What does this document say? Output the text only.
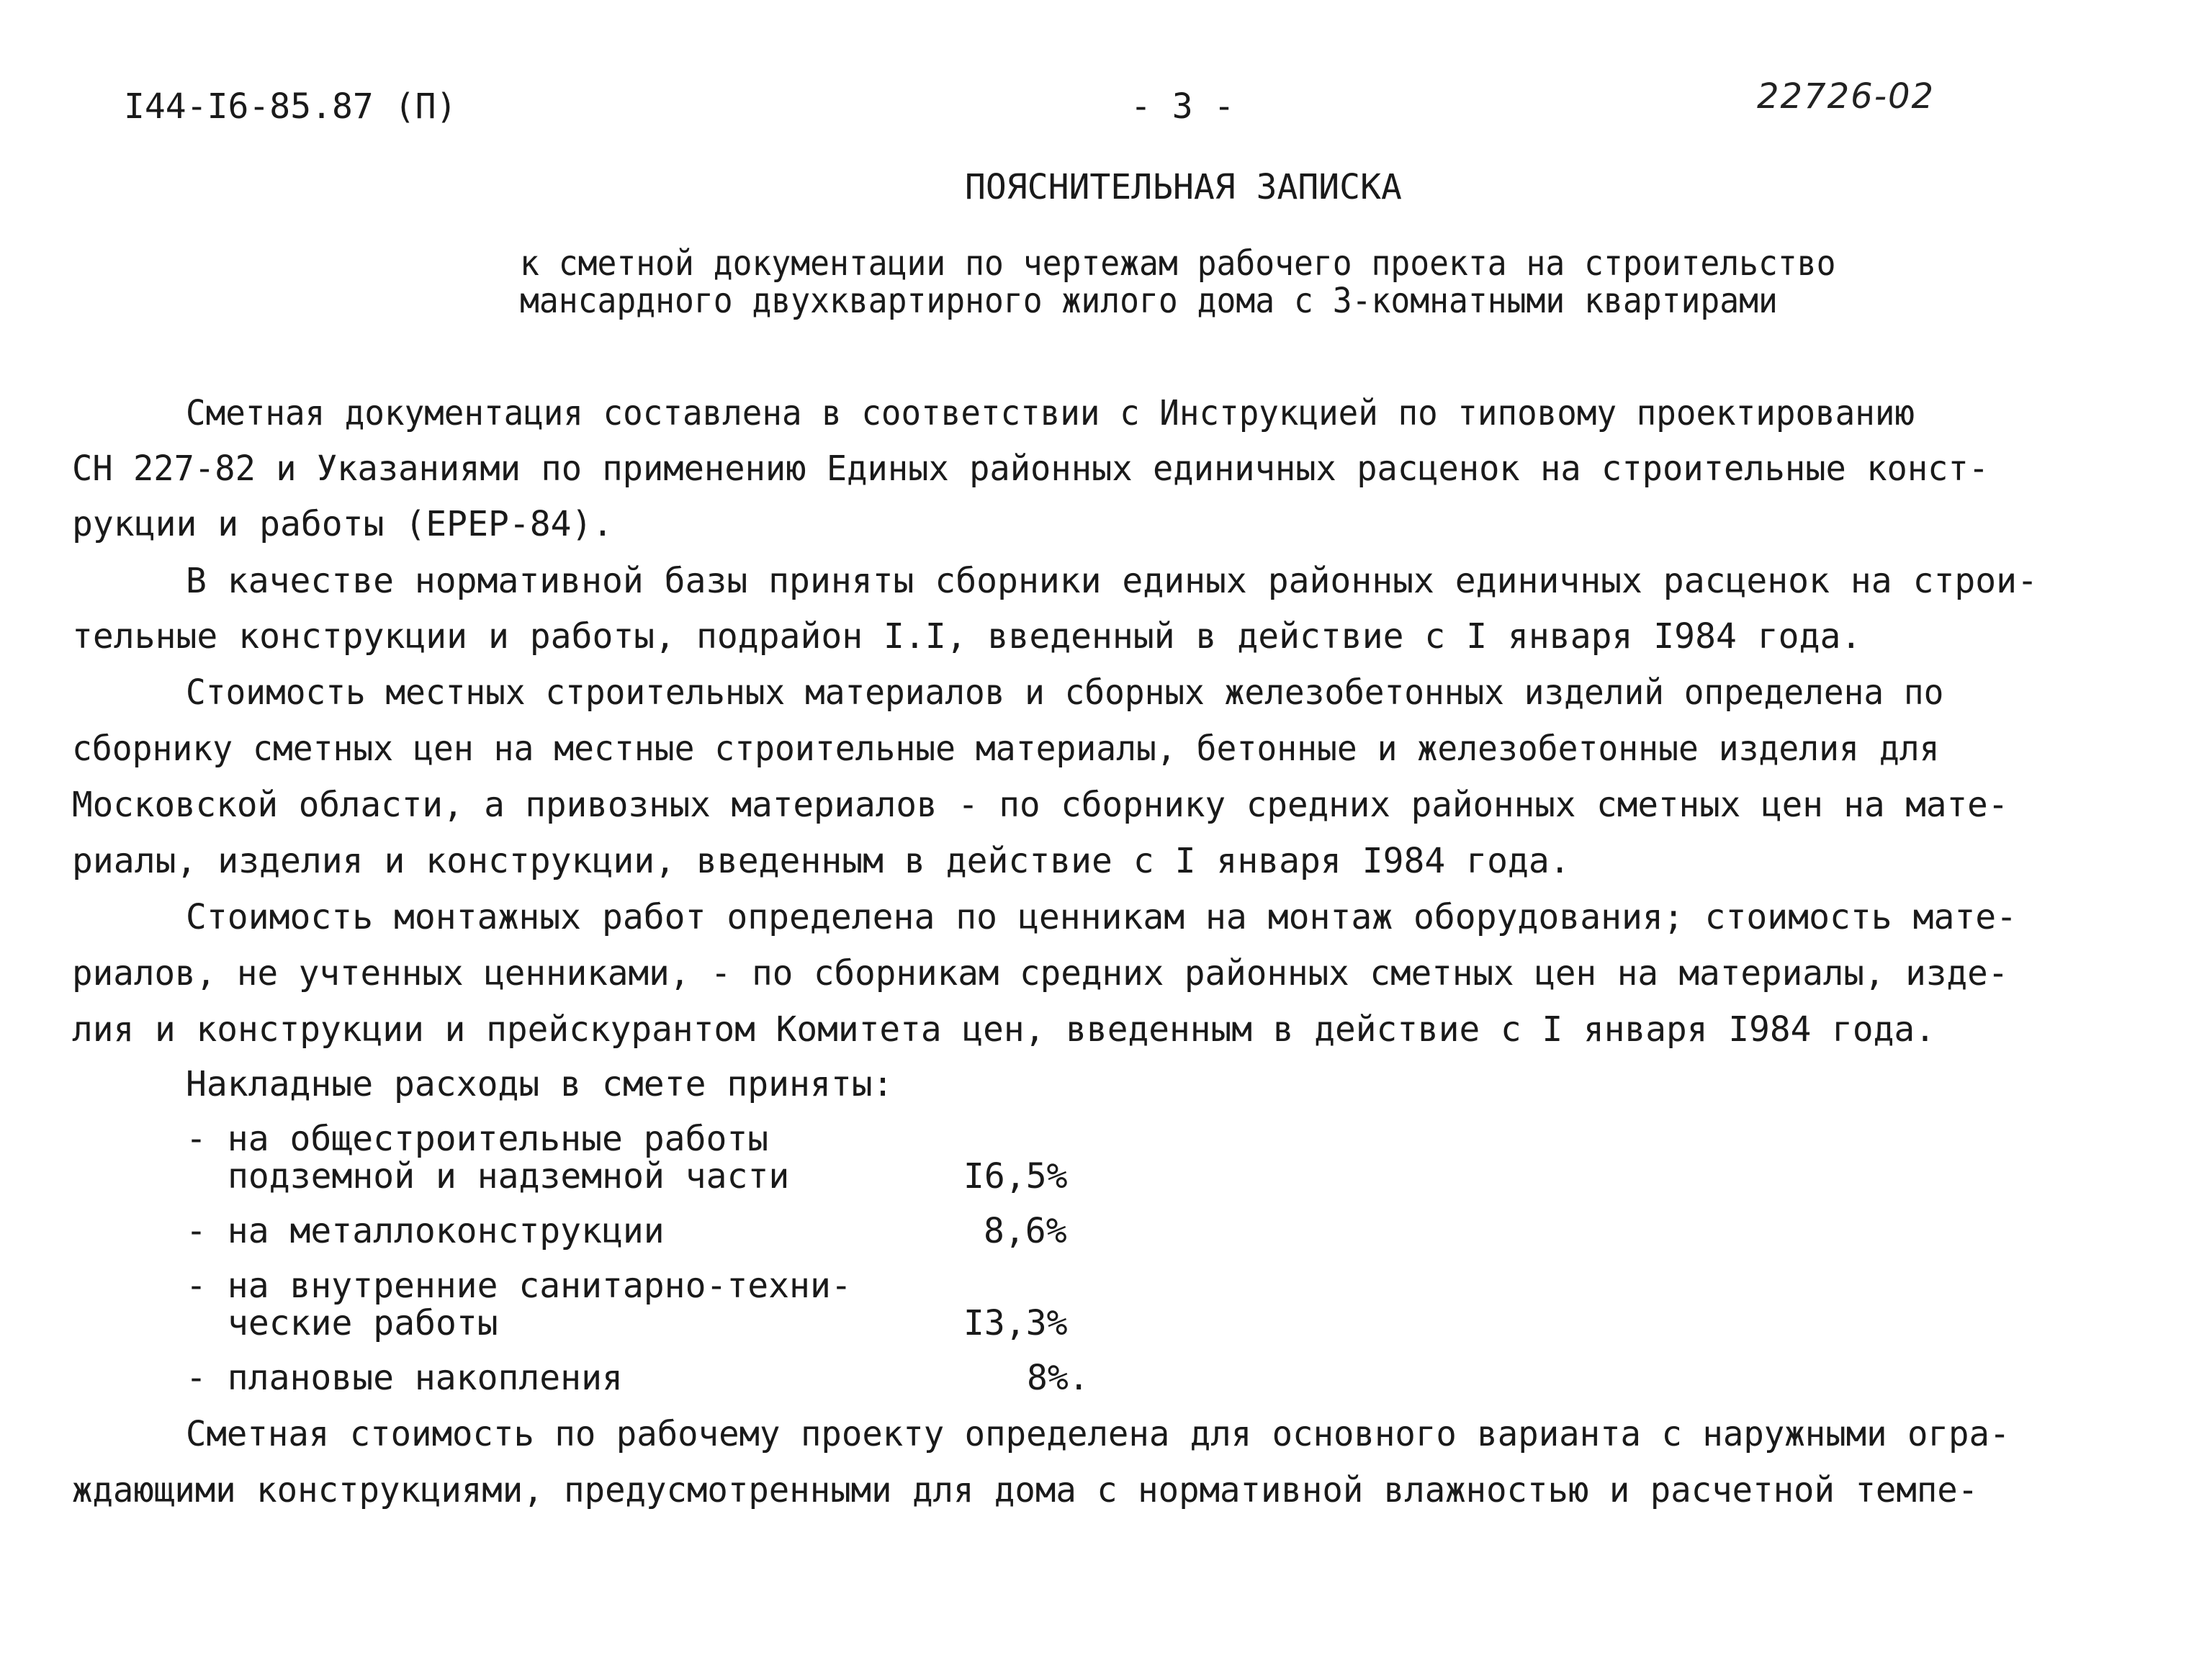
I44-I6-85.87 (П)	- 3 -	22726-02
ПОЯСНИТЕЛЬНАЯ ЗАПИСКА
к сметной документации по чертежам рабочего проекта на строительство
мансардного двухквартирного жилого дома с 3-комнатными квартирами
Сметная документация составлена в соответствии с Инструкцией по типовому проектированию
СН 227-82 и Указаниями по применению Единых районных единичных расценок на строительные конст-
рукции и работы (ЕРЕР-84).
В качестве нормативной базы приняты сборники единых районных единичных расценок на строи-
тельные конструкции и работы, подрайон I.I, введенный в действие с I января I984 года.
Стоимость местных строительных материалов и сборных железобетонных изделий определена по
сборнику сметных цен на местные строительные материалы, бетонные и железобетонные изделия для
Московской области, а привозных материалов - по сборнику средних районных сметных цен на мате-
риалы, изделия и конструкции, введенным в действие с I января I984 года.
Стоимость монтажных работ определена по ценникам на монтаж оборудования; стоимость мате-
риалов, не учтенных ценниками, - по сборникам средних районных сметных цен на материалы, изде-
лия и конструкции и прейскурантом Комитета цен, введенным в действие с I января I984 года.
Накладные расходы в смете приняты:
- на общестроительные работы
подземной и надземной части	I6,5%
- на металлоконструкции	8,6%
- на внутренние санитарно-техни-
ческие работы	I3,3%
- плановые накопления	8%.
Сметная стоимость по рабочему проекту определена для основного варианта с наружными огра-
ждающими конструкциями, предусмотренными для дома с нормативной влажностью и расчетной темпе-
